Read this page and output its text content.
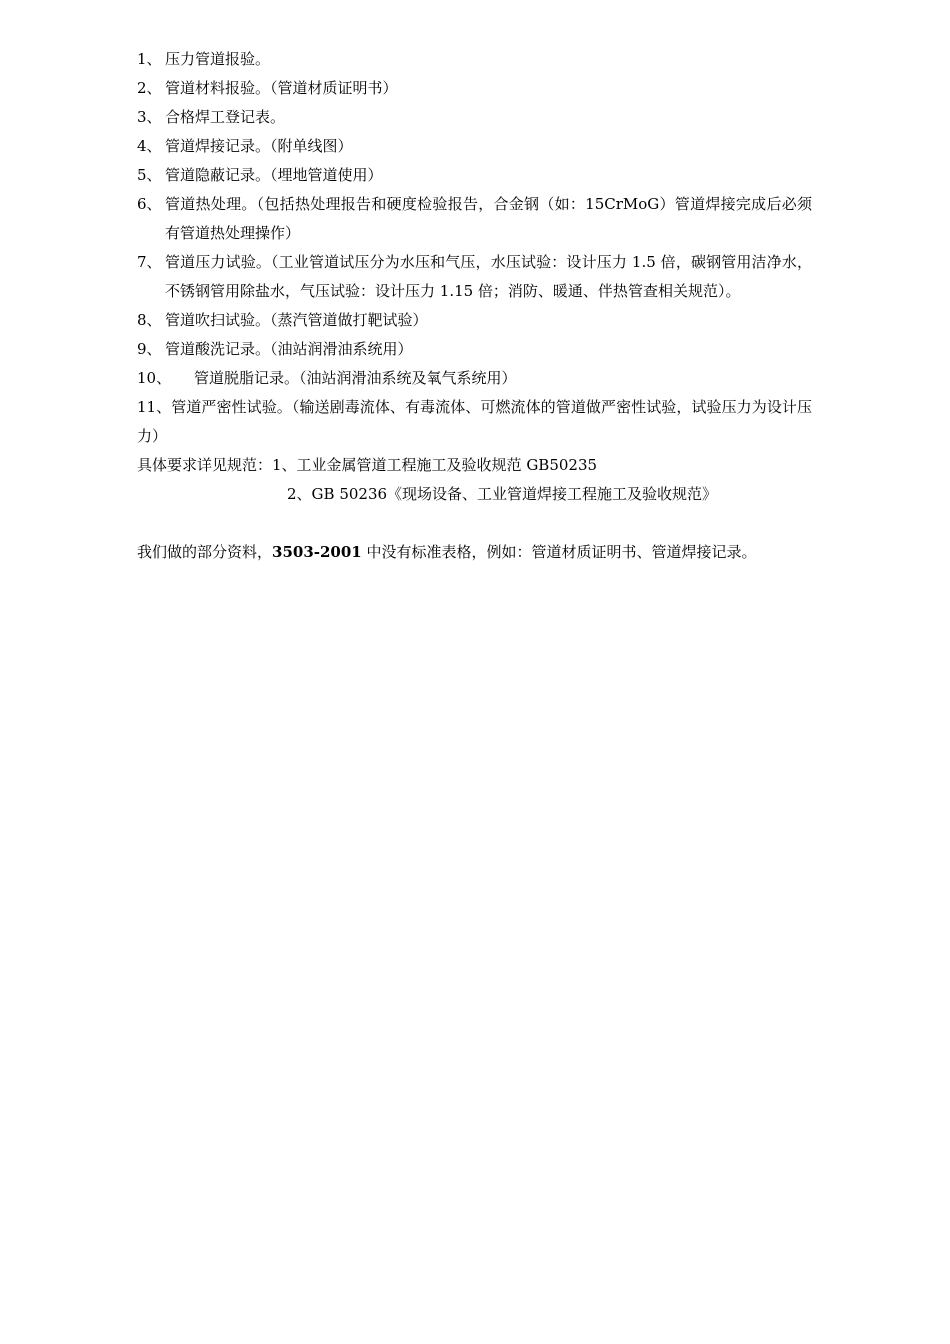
1、 压力管道报验。
2、 管道材料报验。（管道材质证明书）
3、 合格焊工登记表。
4、 管道焊接记录。（附单线图）
5、 管道隐蔽记录。（埋地管道使用）
6、 管道热处理。（包括热处理报告和硬度检验报告，合金钢（如：15CrMoG）管道焊接完成后必须有管道热处理操作）
7、 管道压力试验。（工业管道试压分为水压和气压，水压试验：设计压力 1.5 倍，碳钢管用洁净水，不锈钢管用除盐水，气压试验：设计压力 1.15 倍；消防、暖通、伴热管查相关规范）。
8、 管道吹扫试验。（蒸汽管道做打靶试验）
9、 管道酸洗记录。（油站润滑油系统用）
10、	管道脱脂记录。（油站润滑油系统及氧气系统用）
11、管道严密性试验。（输送剧毒流体、有毒流体、可燃流体的管道做严密性试验，试验压力为设计压力）
具体要求详见规范： 1、工业金属管道工程施工及验收规范 GB50235
2、GB 50236《现场设备、工业管道焊接工程施工及验收规范》
我们做的部分资料，3503-2001 中没有标准表格，例如：管道材质证明书、管道焊接记录。
